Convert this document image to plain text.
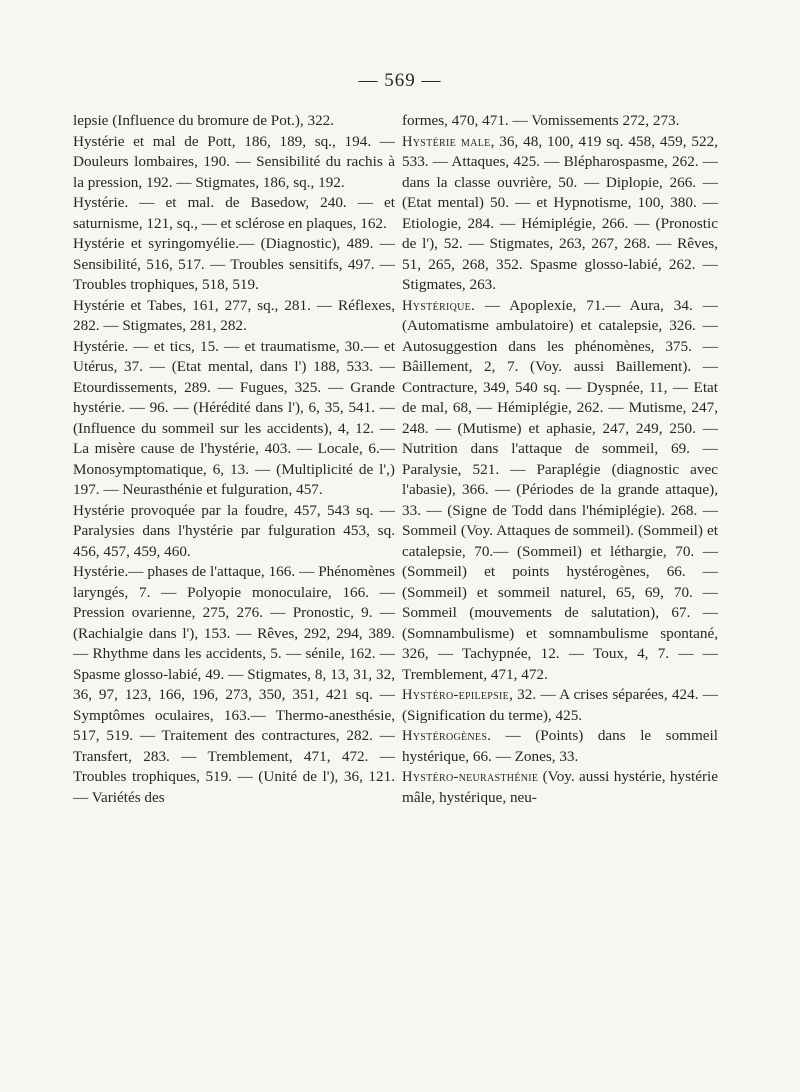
— 569 —

lepsie (Influence du bromure de Pot.), 322.

Hystérie et mal de Pott, 186, 189, sq., 194. — Douleurs lombaires, 190. — Sensibilité du rachis à la pression, 192. — Stigmates, 186, sq., 192.

Hystérie. — et mal. de Basedow, 240. — et saturnisme, 121, sq., — et sclérose en plaques, 162.

Hystérie et syringomyélie.— (Diagnostic), 489. — Sensibilité, 516, 517. — Troubles sensitifs, 497. — Troubles trophiques, 518, 519.

Hystérie et Tabes, 161, 277, sq., 281. — Réflexes, 282. — Stigmates, 281, 282.

Hystérie. — et tics, 15. — et traumatisme, 30.— et Utérus, 37. — (Etat mental, dans l') 188, 533. — Etourdissements, 289. — Fugues, 325. — Grande hystérie. — 96. — (Hérédité dans l'), 6, 35, 541. — (Influence du sommeil sur les accidents), 4, 12. — La misère cause de l'hystérie, 403. — Locale, 6.— Monosymptomatique, 6, 13. — (Multiplicité de l',) 197. — Neurasthénie et fulguration, 457.

Hystérie provoquée par la foudre, 457, 543 sq. — Paralysies dans l'hystérie par fulguration 453, sq. 456, 457, 459, 460.

Hystérie.— phases de l'attaque, 166. — Phénomènes laryngés, 7. — Polyopie monoculaire, 166. — Pression ovarienne, 275, 276. — Pronostic, 9. — (Rachialgie dans l'), 153. — Rêves, 292, 294, 389. — Rhythme dans les accidents, 5. — sénile, 162. — Spasme glosso-labié, 49. — Stigmates, 8, 13, 31, 32, 36, 97, 123, 166, 196, 273, 350, 351, 421 sq. — Symptômes oculaires, 163.— Thermo-anesthésie, 517, 519. — Traitement des contractures, 282. — Transfert, 283. — Tremblement, 471, 472. — Troubles trophiques, 519. — (Unité de l'), 36, 121. — Variétés des

formes, 470, 471. — Vomissements 272, 273.

Hystérie male, 36, 48, 100, 419 sq. 458, 459, 522, 533. — Attaques, 425. — Blépharospasme, 262. — dans la classe ouvrière, 50. — Diplopie, 266. — (Etat mental) 50. — et Hypnotisme, 100, 380. — Etiologie, 284. — Hémiplégie, 266. — (Pronostic de l'), 52. — Stigmates, 263, 267, 268. — Rêves, 51, 265, 268, 352. Spasme glosso-labié, 262. — Stigmates, 263.

Hystérique. — Apoplexie, 71.— Aura, 34. — (Automatisme ambulatoire) et catalepsie, 326. — Autosuggestion dans les phénomènes, 375. — Bâillement, 2, 7. (Voy. aussi Baillement). — Contracture, 349, 540 sq. — Dyspnée, 11, — Etat de mal, 68, — Hémiplégie, 262. — Mutisme, 247, 248. — (Mutisme) et aphasie, 247, 249, 250. — Nutrition dans l'attaque de sommeil, 69. — Paralysie, 521. — Paraplégie (diagnostic avec l'abasie), 366. — (Périodes de la grande attaque), 33. — (Signe de Todd dans l'hémiplégie). 268. — Sommeil (Voy. Attaques de sommeil). (Sommeil) et catalepsie, 70.— (Sommeil) et léthargie, 70. — (Sommeil) et points hystérogènes, 66. — (Sommeil) et sommeil naturel, 65, 69, 70. — Sommeil (mouvements de salutation), 67. — (Somnambulisme) et somnambulisme spontané, 326, — Tachypnée, 12. — Toux, 4, 7. — — Tremblement, 471, 472.

Hystéro-epilepsie, 32. — A crises séparées, 424. — (Signification du terme), 425.

Hystérogènes. — (Points) dans le sommeil hystérique, 66. — Zones, 33.

Hystéro-neurasthénie (Voy. aussi hystérie, hystérie mâle, hystérique, neu-
